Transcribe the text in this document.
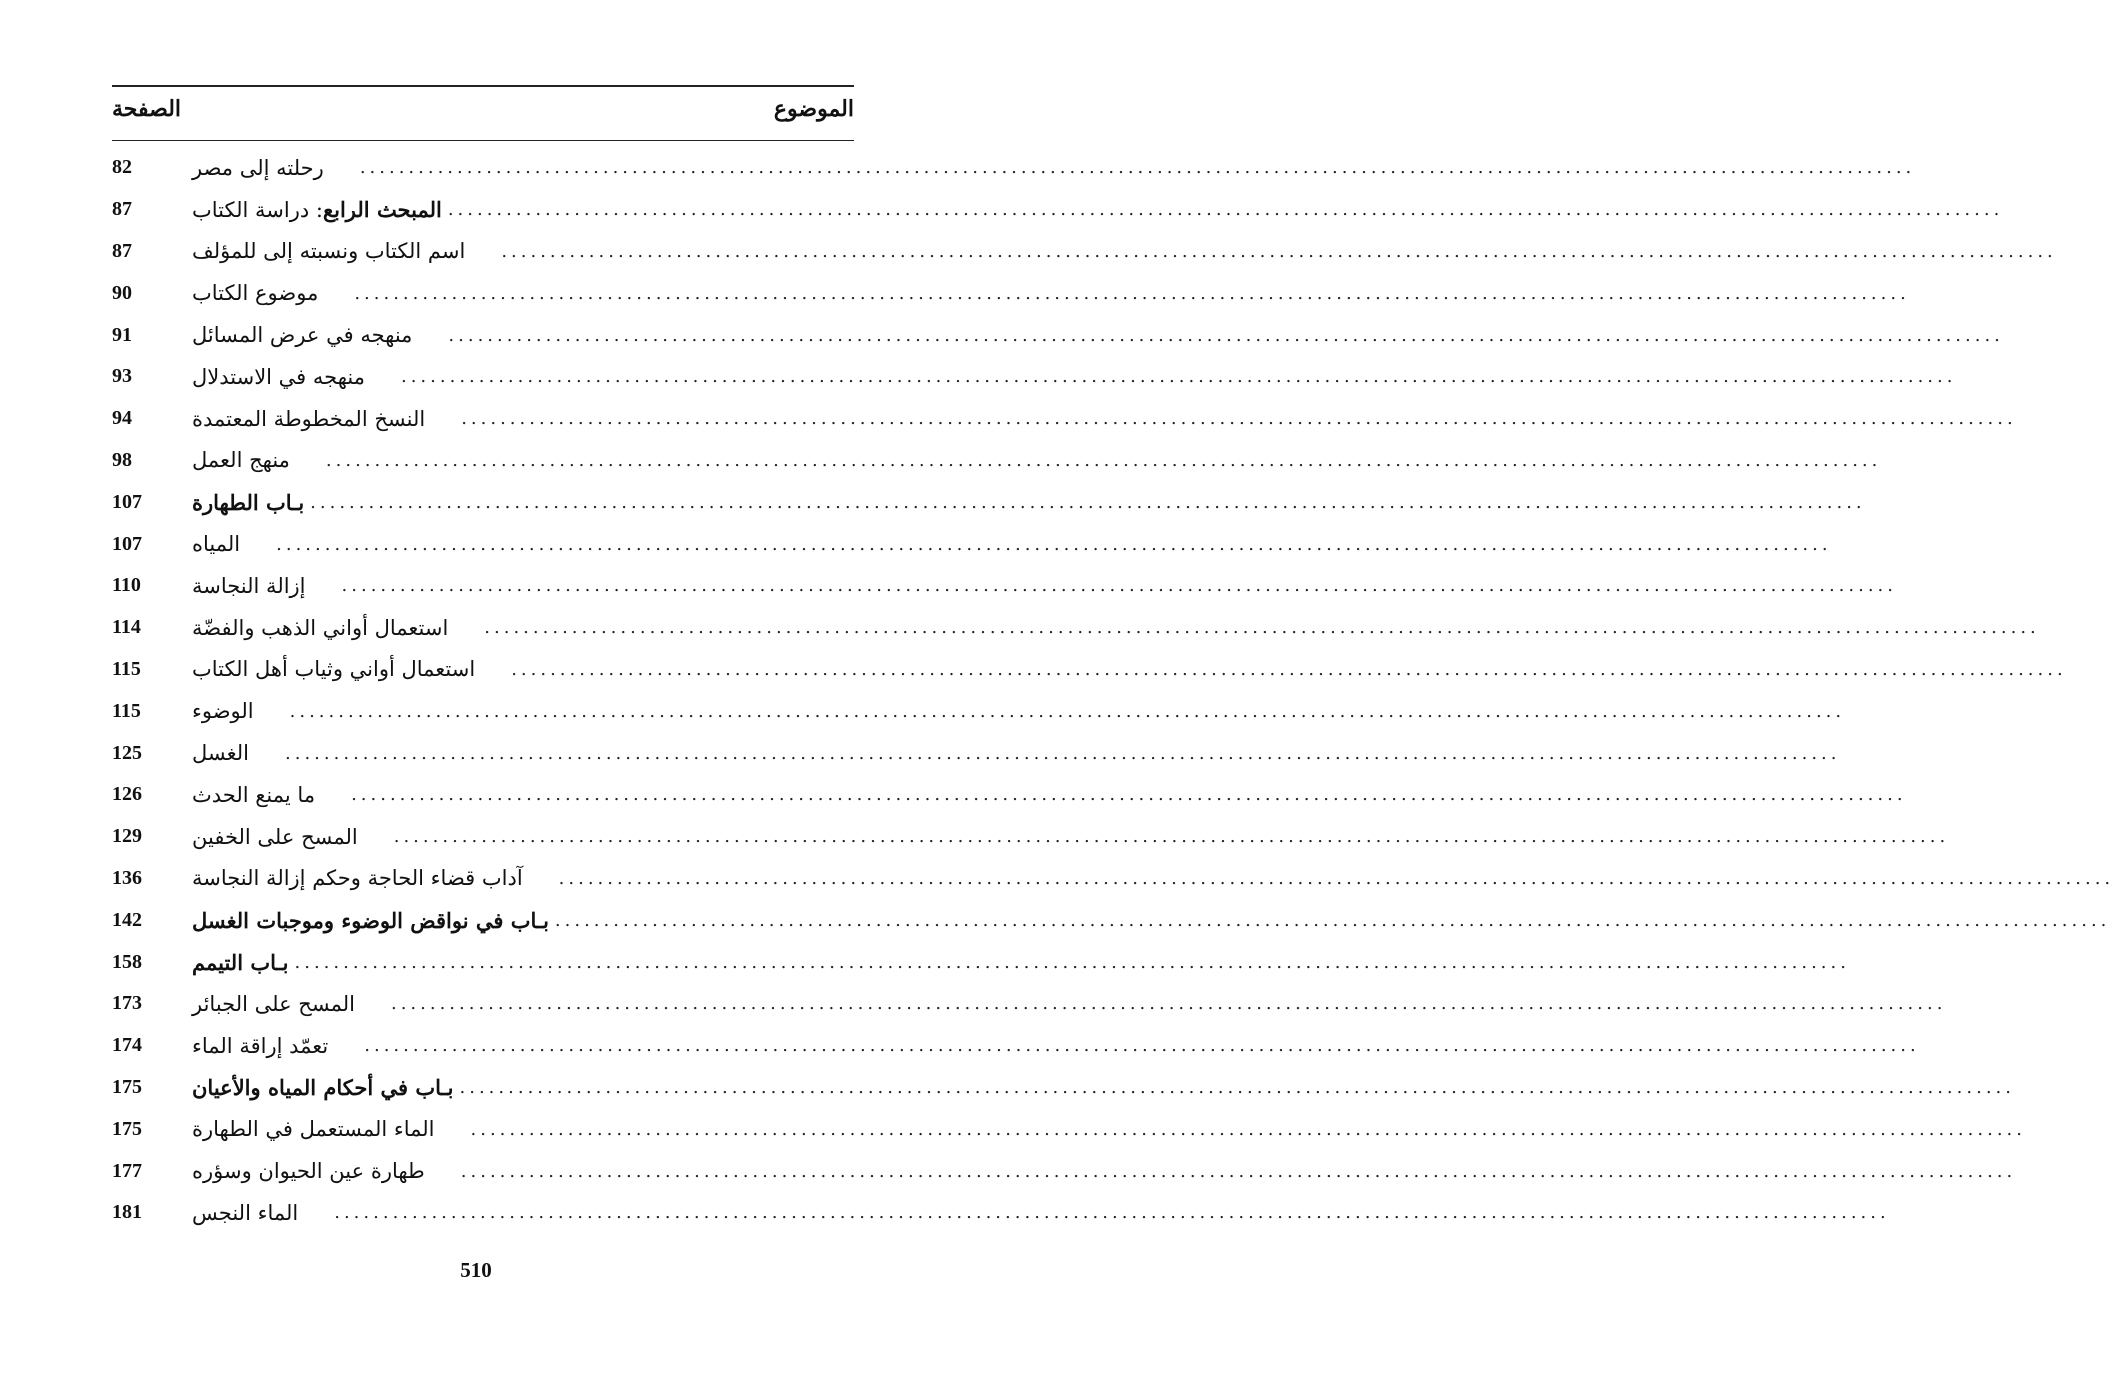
الموضوع
الصفحة
82	رحلته إلى مصر ................................................................................................................................................................
87	المبحث الرابع: دراسة الكتاب	................................................................................................................................................................
87	اسم الكتاب ونسبته إلى للمؤلف ................................................................................................................................................................
90	موضوع الكتاب ................................................................................................................................................................
91	منهجه في عرض المسائل ................................................................................................................................................................
93	منهجه في الاستدلال ................................................................................................................................................................
94	النسخ المخطوطة المعتمدة ................................................................................................................................................................
98	منهج العمل ................................................................................................................................................................
107	بـاب الطهارة ................................................................................................................................................................
107	المياه ................................................................................................................................................................
110	إزالة النجاسة ................................................................................................................................................................
114	استعمال أواني الذهب والفضّة ................................................................................................................................................................
115	استعمال أواني وثياب أهل الكتاب ................................................................................................................................................................
115	الوضوء ................................................................................................................................................................
125	الغسل ................................................................................................................................................................
126	ما يمنع الحدث ................................................................................................................................................................
129	المسح على الخفين ................................................................................................................................................................
136	آداب قضاء الحاجة وحكم إزالة النجاسة ................................................................................................................................................................
142	بـاب في نواقض الوضوء وموجبات الغسل ................................................................................................................................................................
158	بـاب التيمم ................................................................................................................................................................
173	المسح على الجبائر ................................................................................................................................................................
174	تعمّد إراقة الماء ................................................................................................................................................................
175	بـاب في أحكام المياه والأعيان ................................................................................................................................................................
175	الماء المستعمل في الطهارة ................................................................................................................................................................
177	طهارة عين الحيوان وسؤره ................................................................................................................................................................
181	الماء النجس ................................................................................................................................................................
510
